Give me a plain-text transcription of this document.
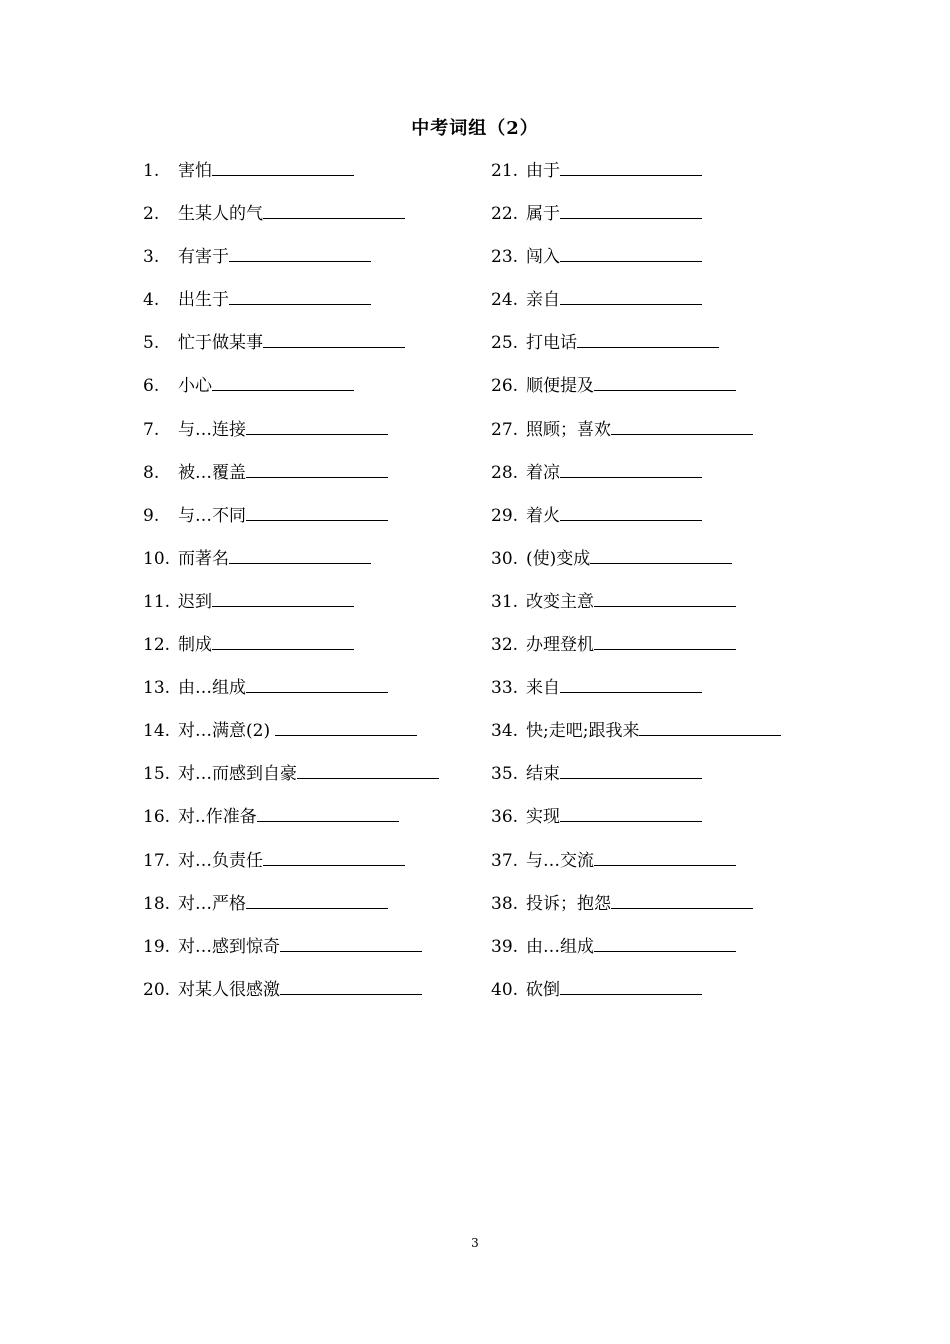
中考词组（2）
1. 害怕
2. 生某人的气
3. 有害于
4. 出生于
5. 忙于做某事
6. 小心
7. 与…连接
8. 被…覆盖
9. 与…不同
10. 而著名
11. 迟到
12. 制成
13. 由…组成
14. 对…满意(2)
15. 对…而感到自豪
16. 对..作准备
17. 对…负责任
18. 对…严格
19. 对…感到惊奇
20. 对某人很感激
21. 由于
22. 属于
23. 闯入
24. 亲自
25. 打电话
26. 顺便提及
27. 照顾；喜欢
28. 着凉
29. 着火
30. (使)变成
31. 改变主意
32. 办理登机
33. 来自
34. 快;走吧;跟我来
35. 结束
36. 实现
37. 与…交流
38. 投诉；抱怨
39. 由…组成
40. 砍倒
3
